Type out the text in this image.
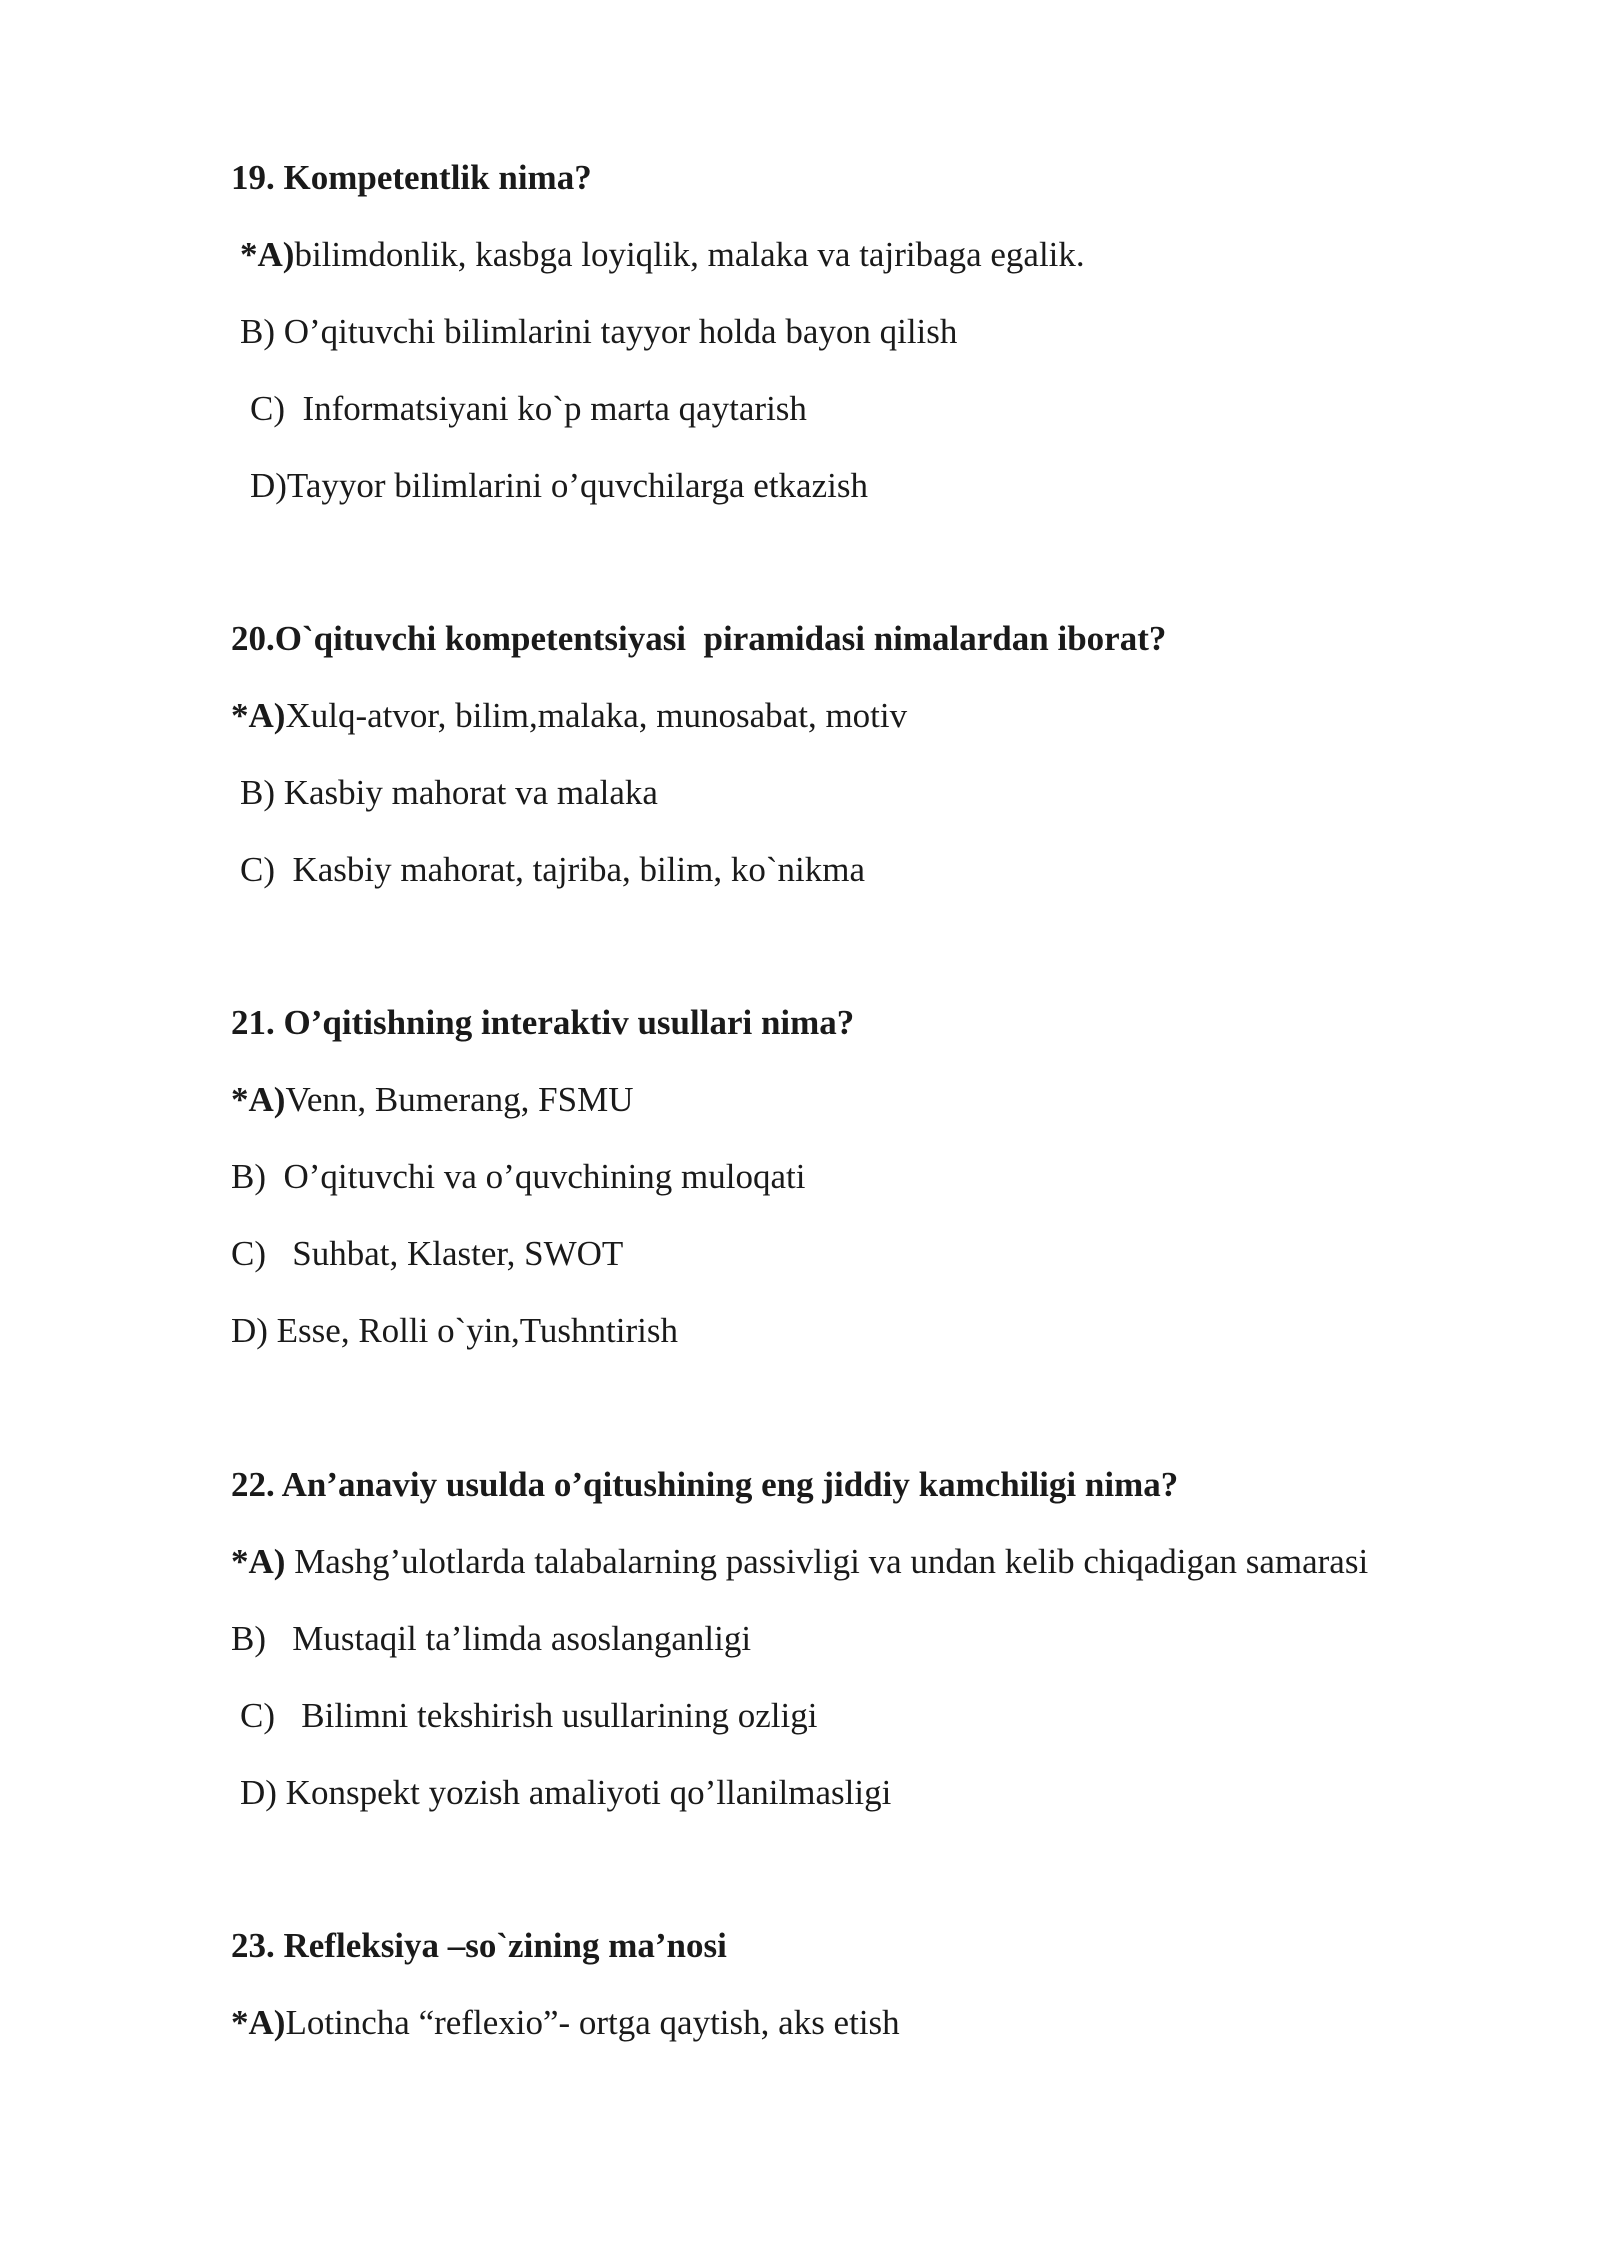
19. Kompetentlik nima?
*A)bilimdonlik, kasbga loyiqlik, malaka va tajribaga egalik.
B) O’qituvchi bilimlarini tayyor holda bayon qilish
C)  Informatsiyani ko`p marta qaytarish
D)Tayyor bilimlarini o’quvchilarga etkazish
20.O`qituvchi kompetentsiyasi  piramidasi nimalardan iborat?
*A)Xulq-atvor, bilim,malaka, munosabat, motiv
B) Kasbiy mahorat va malaka
C)  Kasbiy mahorat, tajriba, bilim, ko`nikma
21. O’qitishning interaktiv usullari nima?
*A)Venn, Bumerang, FSMU
B)  O’qituvchi va o’quvchining muloqati
C)   Suhbat, Klaster, SWOT
D) Esse, Rolli o`yin,Tushntirish
22. An’anaviy usulda o’qitushining eng jiddiy kamchiligi nima?
*A) Mashg’ulotlarda talabalarning passivligi va undan kelib chiqadigan samarasi
B)   Mustaqil ta’limda asoslanganligi
C)   Bilimni tekshirish usullarining ozligi
D) Konspekt yozish amaliyoti qo’llanilmasligi
23. Refleksiya –so`zining ma’nosi
*A)Lotincha “reflexio”- ortga qaytish, aks etish
